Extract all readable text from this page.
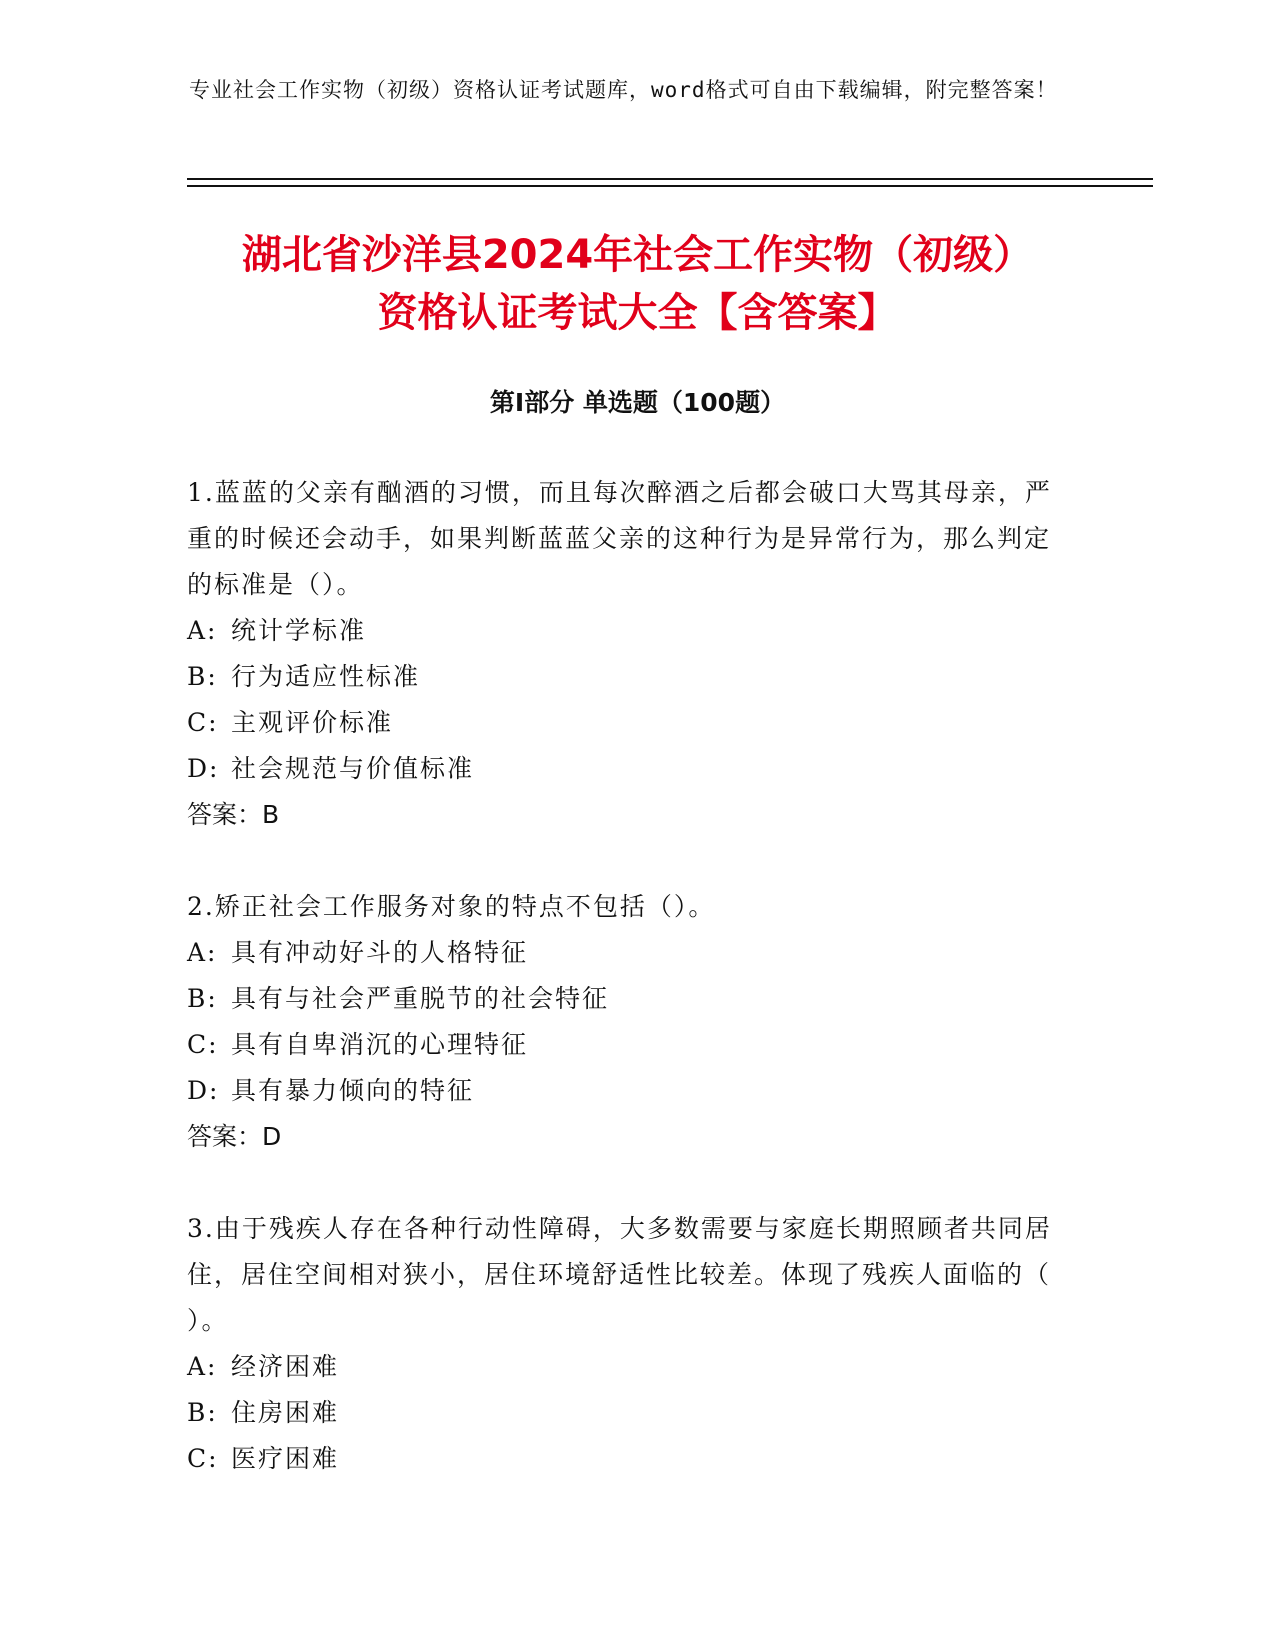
专业社会工作实物（初级）资格认证考试题库，word格式可自由下载编辑，附完整答案！
湖北省沙洋县2024年社会工作实物（初级）
资格认证考试大全【含答案】
第Ⅰ部分 单选题（100题）
1.蓝蓝的父亲有酗酒的习惯，而且每次醉酒之后都会破口大骂其母亲，严重的时候还会动手，如果判断蓝蓝父亲的这种行为是异常行为，那么判定的标准是（）。
A: 统计学标准
B: 行为适应性标准
C: 主观评价标准
D: 社会规范与价值标准
答案：B
2.矫正社会工作服务对象的特点不包括（）。
A: 具有冲动好斗的人格特征
B: 具有与社会严重脱节的社会特征
C: 具有自卑消沉的心理特征
D: 具有暴力倾向的特征
答案：D
3.由于残疾人存在各种行动性障碍，大多数需要与家庭长期照顾者共同居住，居住空间相对狭小，居住环境舒适性比较差。体现了残疾人面临的（ ）。
A: 经济困难
B: 住房困难
C: 医疗困难
